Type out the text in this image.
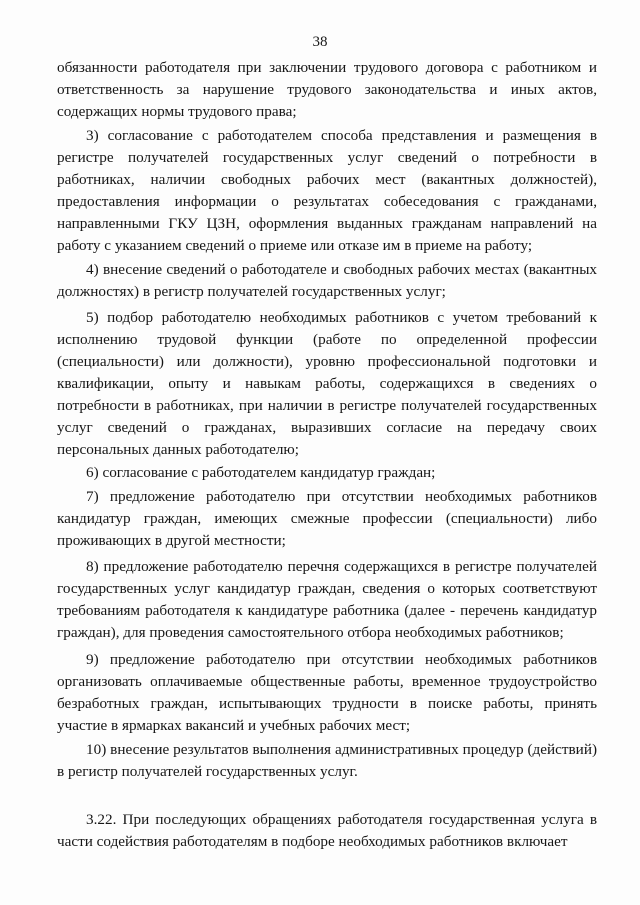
38

обязанности работодателя при заключении трудового договора с работником и ответственность за нарушение трудового законодательства и иных актов, содержащих нормы трудового права;

3) согласование с работодателем способа представления и размещения в регистре получателей государственных услуг сведений о потребности в работниках, наличии свободных рабочих мест (вакантных должностей), предоставления информации о результатах собеседования с гражданами, направленными ГКУ ЦЗН, оформления выданных гражданам направлений на работу с указанием сведений о приеме или отказе им в приеме на работу;

4) внесение сведений о работодателе и свободных рабочих местах (вакантных должностях) в регистр получателей государственных услуг;

5) подбор работодателю необходимых работников с учетом требований к исполнению трудовой функции (работе по определенной профессии (специальности) или должности), уровню профессиональной подготовки и квалификации, опыту и навыкам работы, содержащихся в сведениях о потребности в работниках, при наличии в регистре получателей государственных услуг сведений о гражданах, выразивших согласие на передачу своих персональных данных работодателю;

6) согласование с работодателем кандидатур граждан;

7) предложение работодателю при отсутствии необходимых работников кандидатур граждан, имеющих смежные профессии (специальности) либо проживающих в другой местности;

8) предложение работодателю перечня содержащихся в регистре получателей государственных услуг кандидатур граждан, сведения о которых соответствуют требованиям работодателя к кандидатуре работника (далее - перечень кандидатур граждан), для проведения самостоятельного отбора необходимых работников;

9) предложение работодателю при отсутствии необходимых работников организовать оплачиваемые общественные работы, временное трудоустройство безработных граждан, испытывающих трудности в поиске работы, принять участие в ярмарках вакансий и учебных рабочих мест;

10) внесение результатов выполнения административных процедур (действий) в регистр получателей государственных услуг.

3.22. При последующих обращениях работодателя государственная услуга в части содействия работодателям в подборе необходимых работников включает
